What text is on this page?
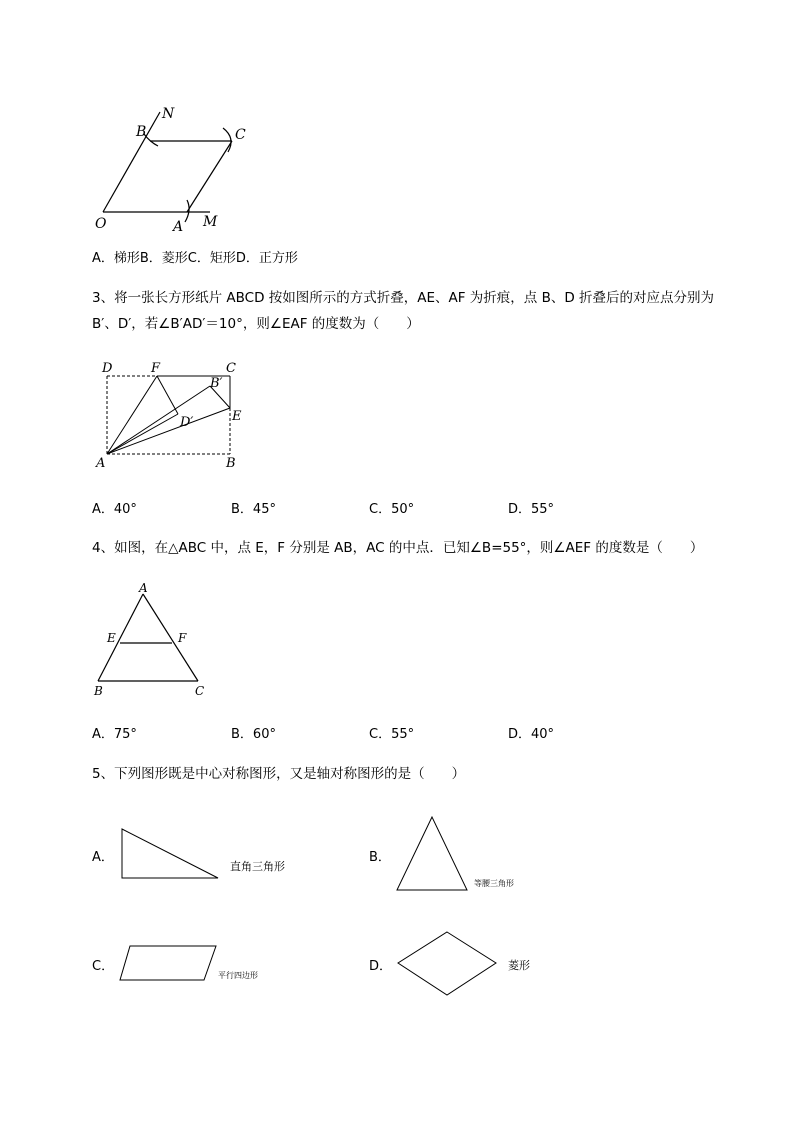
N
B	C
O	A M
A．梯形B．菱形C．矩形D．正方形
3、将一张长方形纸片 ABCD 按如图所示的方式折叠，AE、AF 为折痕，点 B、D 折叠后的对应点分别为
B′、D′，若∠B′AD′＝10°，则∠EAF 的度数为（　　）
D	F	C
B′
E
D′
A	B
A．40°	B．45°	C．50°	D．55°
4、如图，在△ABC 中，点 E，F 分别是 AB，AC 的中点．已知∠B=55°，则∠AEF 的度数是（　　）
A
E	F
B	C
A．75°	B．60°	C．55°	D．40°
5、下列图形既是中心对称图形，又是轴对称图形的是（　　）
A．	B．
C．	D．
直角三角形
等腰三角形
平行四边形
菱形
